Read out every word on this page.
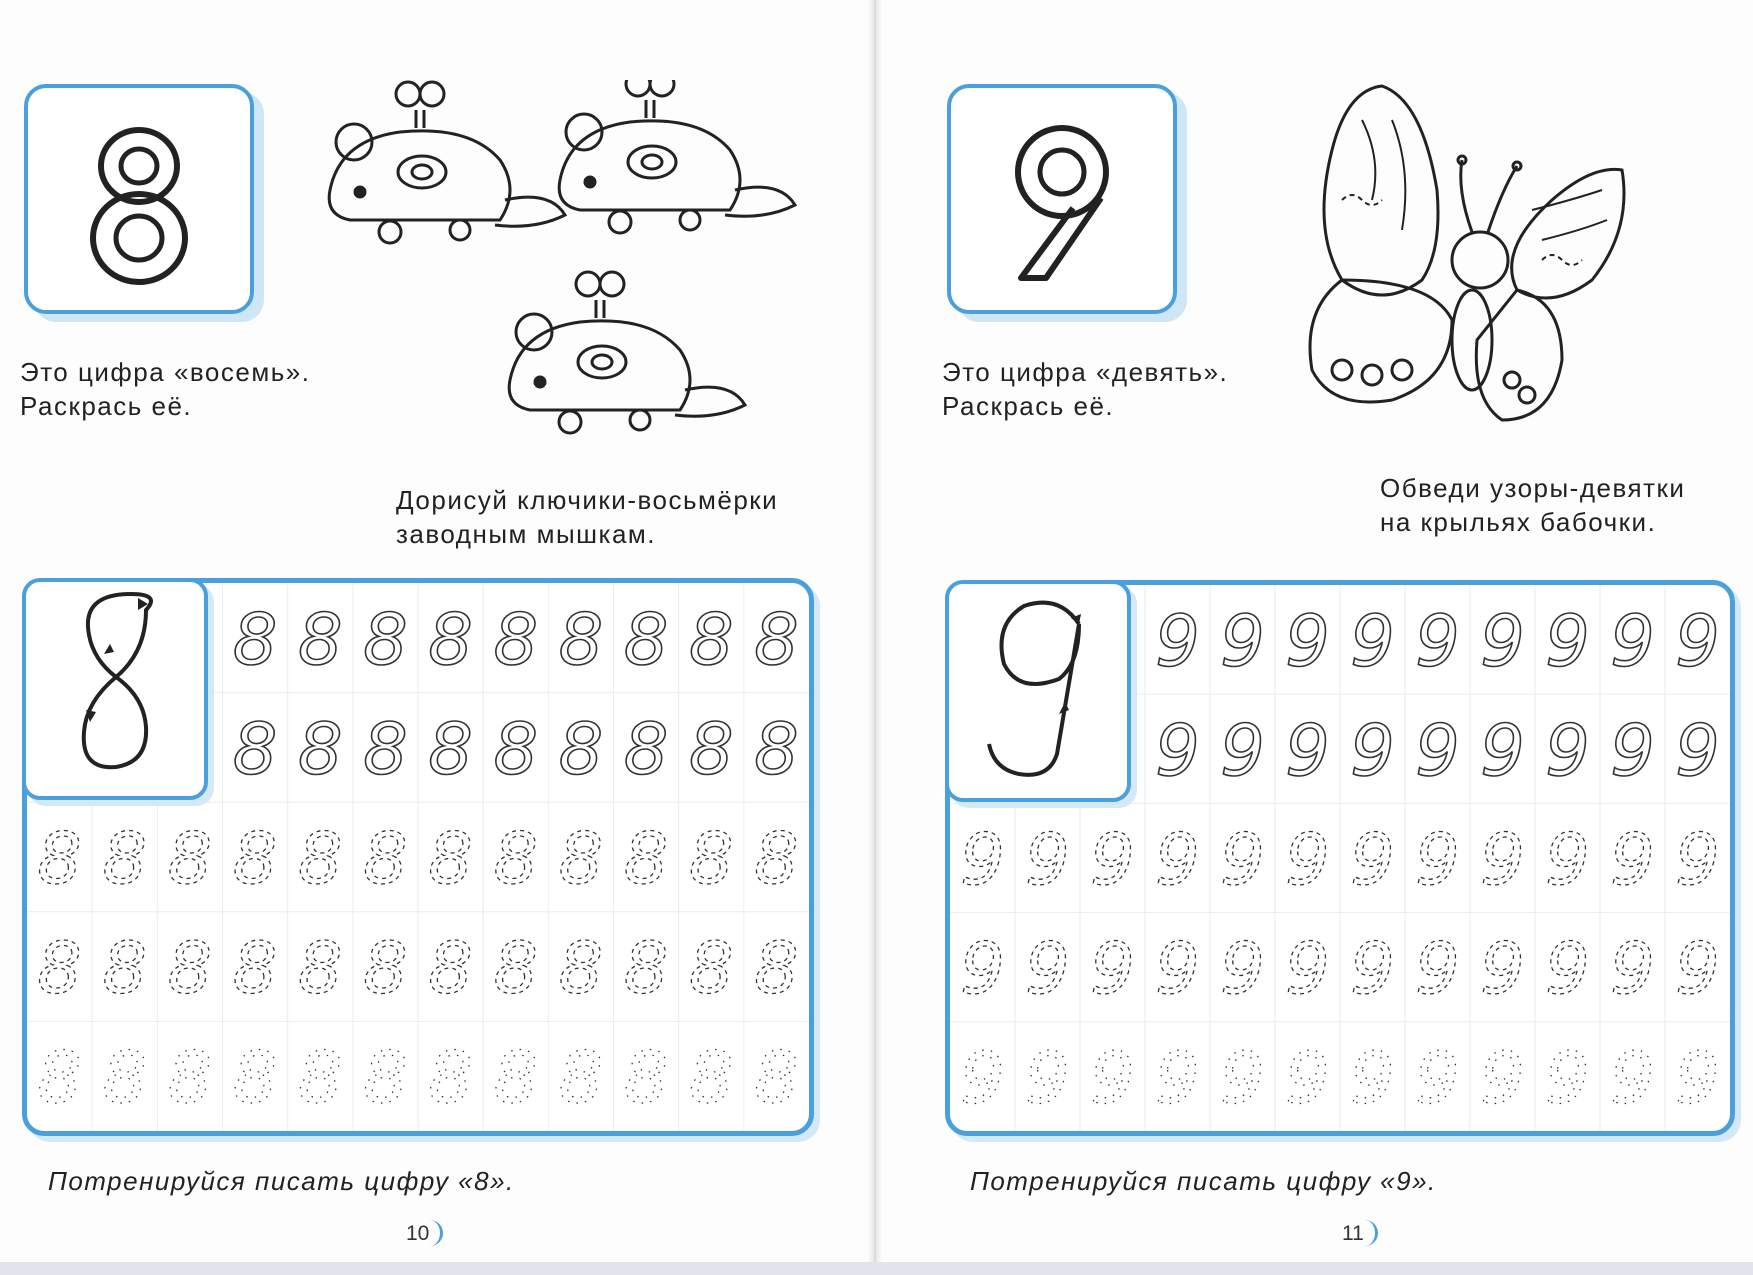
Это цифра «восемь».
Раскрась её.
Дорисуй ключики-восьмёрки
заводным мышкам.
8 8 8 8 8 8 8 8 8
8 8 8 8 8 8 8 8 8
8 8 8 8 8 8 8 8 8 8 8 8
8 8 8 8 8 8 8 8 8 8 8 8
8 8 8 8 8 8 8 8 8 8 8 8
Потренируйся писать цифру «8».
10
Это цифра «девять».
Раскрась её.
Обведи узоры-девятки
на крыльях бабочки.
9 9 9 9 9 9 9 9 9
9 9 9 9 9 9 9 9 9
9 9 9 9 9 9 9 9 9 9 9 9
9 9 9 9 9 9 9 9 9 9 9 9
9 9 9 9 9 9 9 9 9 9 9 9
Потренируйся писать цифру «9».
11
